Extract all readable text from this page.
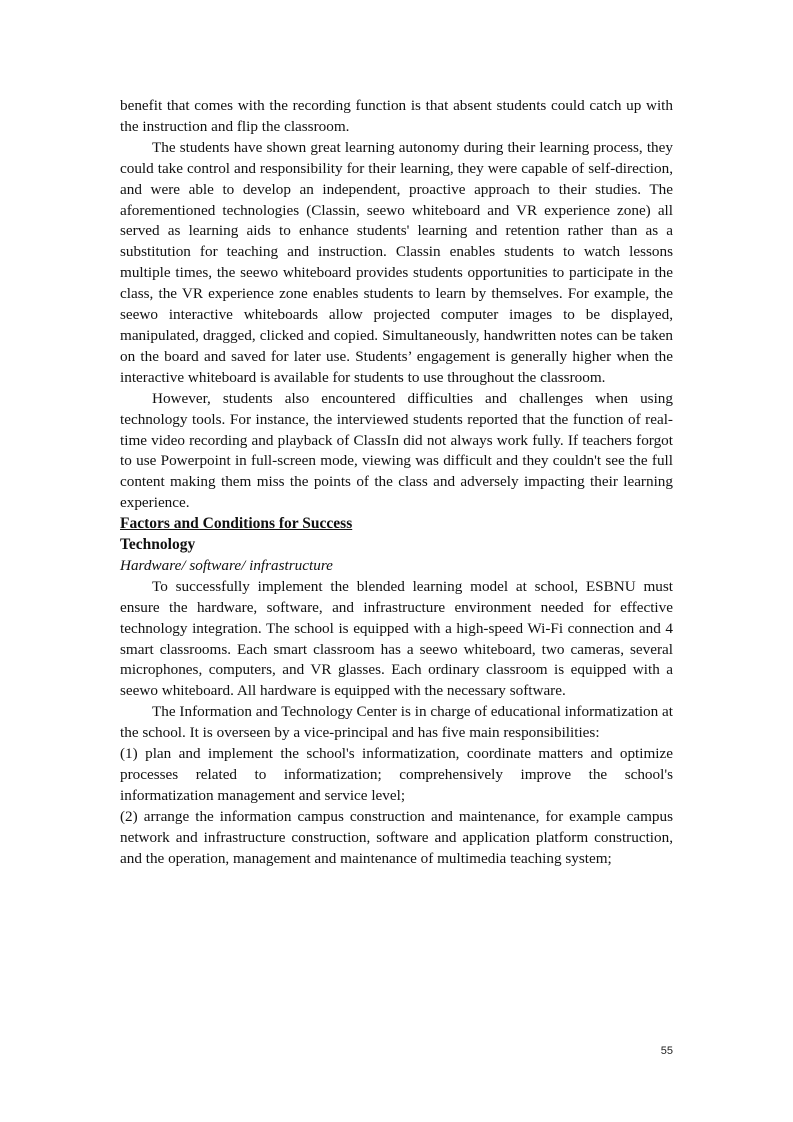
benefit that comes with the recording function is that absent students could catch up with the instruction and flip the classroom.

The students have shown great learning autonomy during their learning process, they could take control and responsibility for their learning, they were capable of self-direction, and were able to develop an independent, proactive approach to their studies. The aforementioned technologies (Classin, seewo whiteboard and VR experience zone) all served as learning aids to enhance students' learning and retention rather than as a substitution for teaching and instruction. Classin enables students to watch lessons multiple times, the seewo whiteboard provides students opportunities to participate in the class, the VR experience zone enables students to learn by themselves. For example, the seewo interactive whiteboards allow projected computer images to be displayed, manipulated, dragged, clicked and copied. Simultaneously, handwritten notes can be taken on the board and saved for later use. Students’ engagement is generally higher when the interactive whiteboard is available for students to use throughout the classroom.

However, students also encountered difficulties and challenges when using technology tools. For instance, the interviewed students reported that the function of real-time video recording and playback of ClassIn did not always work fully. If teachers forgot to use Powerpoint in full-screen mode, viewing was difficult and they couldn't see the full content making them miss the points of the class and adversely impacting their learning experience.

Factors and Conditions for Success

Technology

Hardware/ software/ infrastructure

To successfully implement the blended learning model at school, ESBNU must ensure the hardware, software, and infrastructure environment needed for effective technology integration. The school is equipped with a high-speed Wi-Fi connection and 4 smart classrooms. Each smart classroom has a seewo whiteboard, two cameras, several microphones, computers, and VR glasses. Each ordinary classroom is equipped with a seewo whiteboard. All hardware is equipped with the necessary software.

The Information and Technology Center is in charge of educational informatization at the school. It is overseen by a vice-principal and has five main responsibilities:

(1) plan and implement the school's informatization, coordinate matters and optimize processes related to informatization; comprehensively improve the school's informatization management and service level;

(2) arrange the information campus construction and maintenance, for example campus network and infrastructure construction, software and application platform construction, and the operation, management and maintenance of multimedia teaching system;

55
